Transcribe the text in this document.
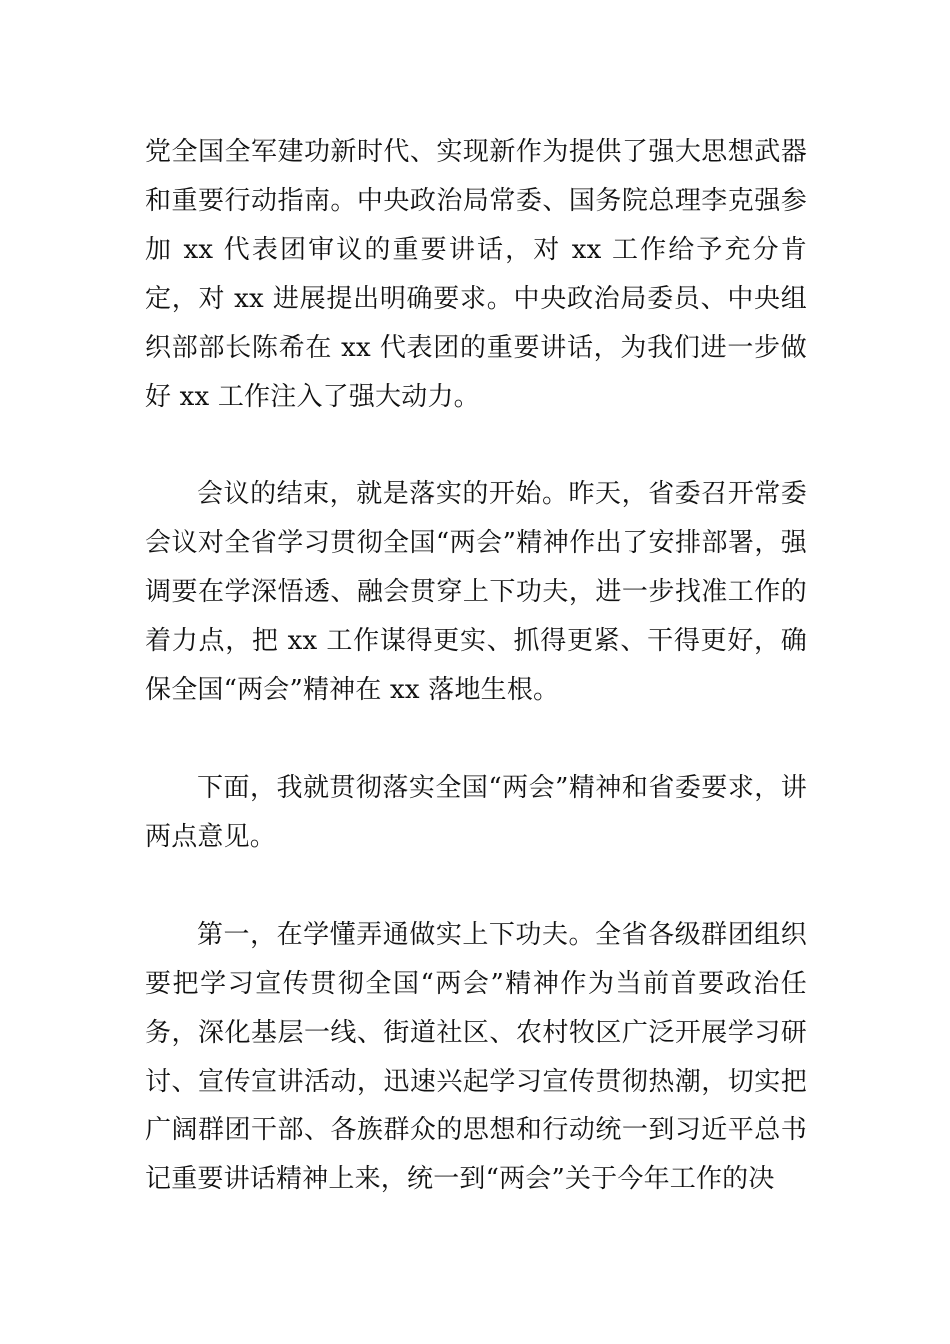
党全国全军建功新时代、实现新作为提供了强大思想武器和重要行动指南。中央政治局常委、国务院总理李克强参加 xx 代表团审议的重要讲话，对 xx 工作给予充分肯定，对 xx 进展提出明确要求。中央政治局委员、中央组织部部长陈希在 xx 代表团的重要讲话，为我们进一步做好 xx 工作注入了强大动力。

会议的结束，就是落实的开始。昨天，省委召开常委会议对全省学习贯彻全国“两会”精神作出了安排部署，强调要在学深悟透、融会贯穿上下功夫，进一步找准工作的着力点，把 xx 工作谋得更实、抓得更紧、干得更好，确保全国“两会”精神在 xx 落地生根。

下面，我就贯彻落实全国“两会”精神和省委要求，讲两点意见。

第一，在学懂弄通做实上下功夫。全省各级群团组织要把学习宣传贯彻全国“两会”精神作为当前首要政治任务，深化基层一线、街道社区、农村牧区广泛开展学习研讨、宣传宣讲活动，迅速兴起学习宣传贯彻热潮，切实把广阔群团干部、各族群众的思想和行动统一到习近平总书记重要讲话精神上来，统一到“两会”关于今年工作的决
